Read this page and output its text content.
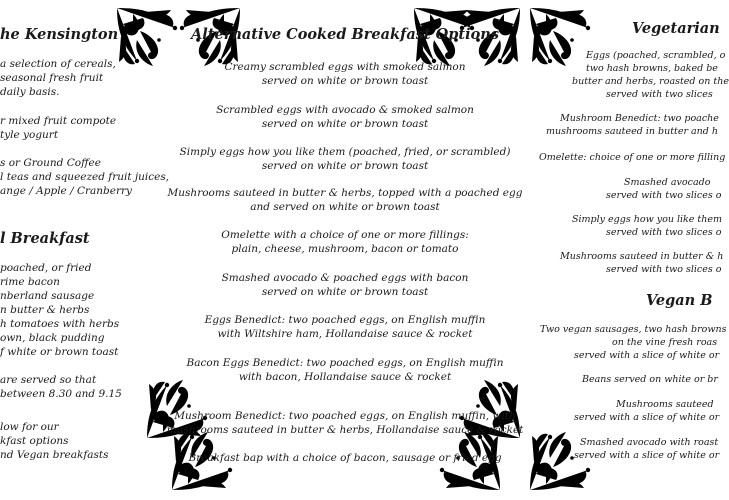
he Kensington
a selection of cereals,
seasonal fresh fruit
daily basis.
r mixed fruit compote
tyle yogurt
s or Ground Coffee
l teas and squeezed fruit juices,
ange / Apple / Cranberry
l Breakfast
poached, or fried
rime bacon
nberland sausage
n butter & herbs
h tomatoes with herbs
own, black pudding
f white or brown toast
are served so that
between 8.30 and 9.15
low for our
kfast options
nd Vegan breakfasts
Alternative Cooked Breakfast Options
Creamy scrambled eggs with smoked salmon
served on white or brown toast
Scrambled eggs with avocado & smoked salmon
served on white or brown toast
Simply eggs how you like them (poached, fried, or scrambled)
served on white or brown toast
Mushrooms sauteed in butter & herbs, topped with a poached egg
and served on white or brown toast
Omelette with a choice of one or more fillings:
plain, cheese, mushroom, bacon or tomato
Smashed avocado & poached eggs with bacon
served on white or brown toast
Eggs Benedict: two poached eggs, on English muffin
with Wiltshire ham, Hollandaise sauce & rocket
Bacon Eggs Benedict: two poached eggs, on English muffin
with bacon, Hollandaise sauce & rocket
Mushroom Benedict: two poached eggs, on English muffin, with
mushrooms sauteed in butter & herbs, Hollandaise sauce & rocket
Breakfast bap with a choice of bacon, sausage or fried egg
Vegetarian
Eggs (poached, scrambled, o
two hash browns, baked be
butter and herbs, roasted on the
served with two slices
Mushroom Benedict: two poache
mushrooms sauteed in butter and h
Omelette: choice of one or more filling
Smashed avocado
served with two slices o
Simply eggs how you like them
served with two slices o
Mushrooms sauteed in butter & h
served with two slices o
Vegan B
Two vegan sausages, two hash browns
on the vine fresh roas
served with a slice of white or
Beans served on white or br
Mushrooms sauteed
served with a slice of white or
Smashed avocado with roast
served with a slice of white or
